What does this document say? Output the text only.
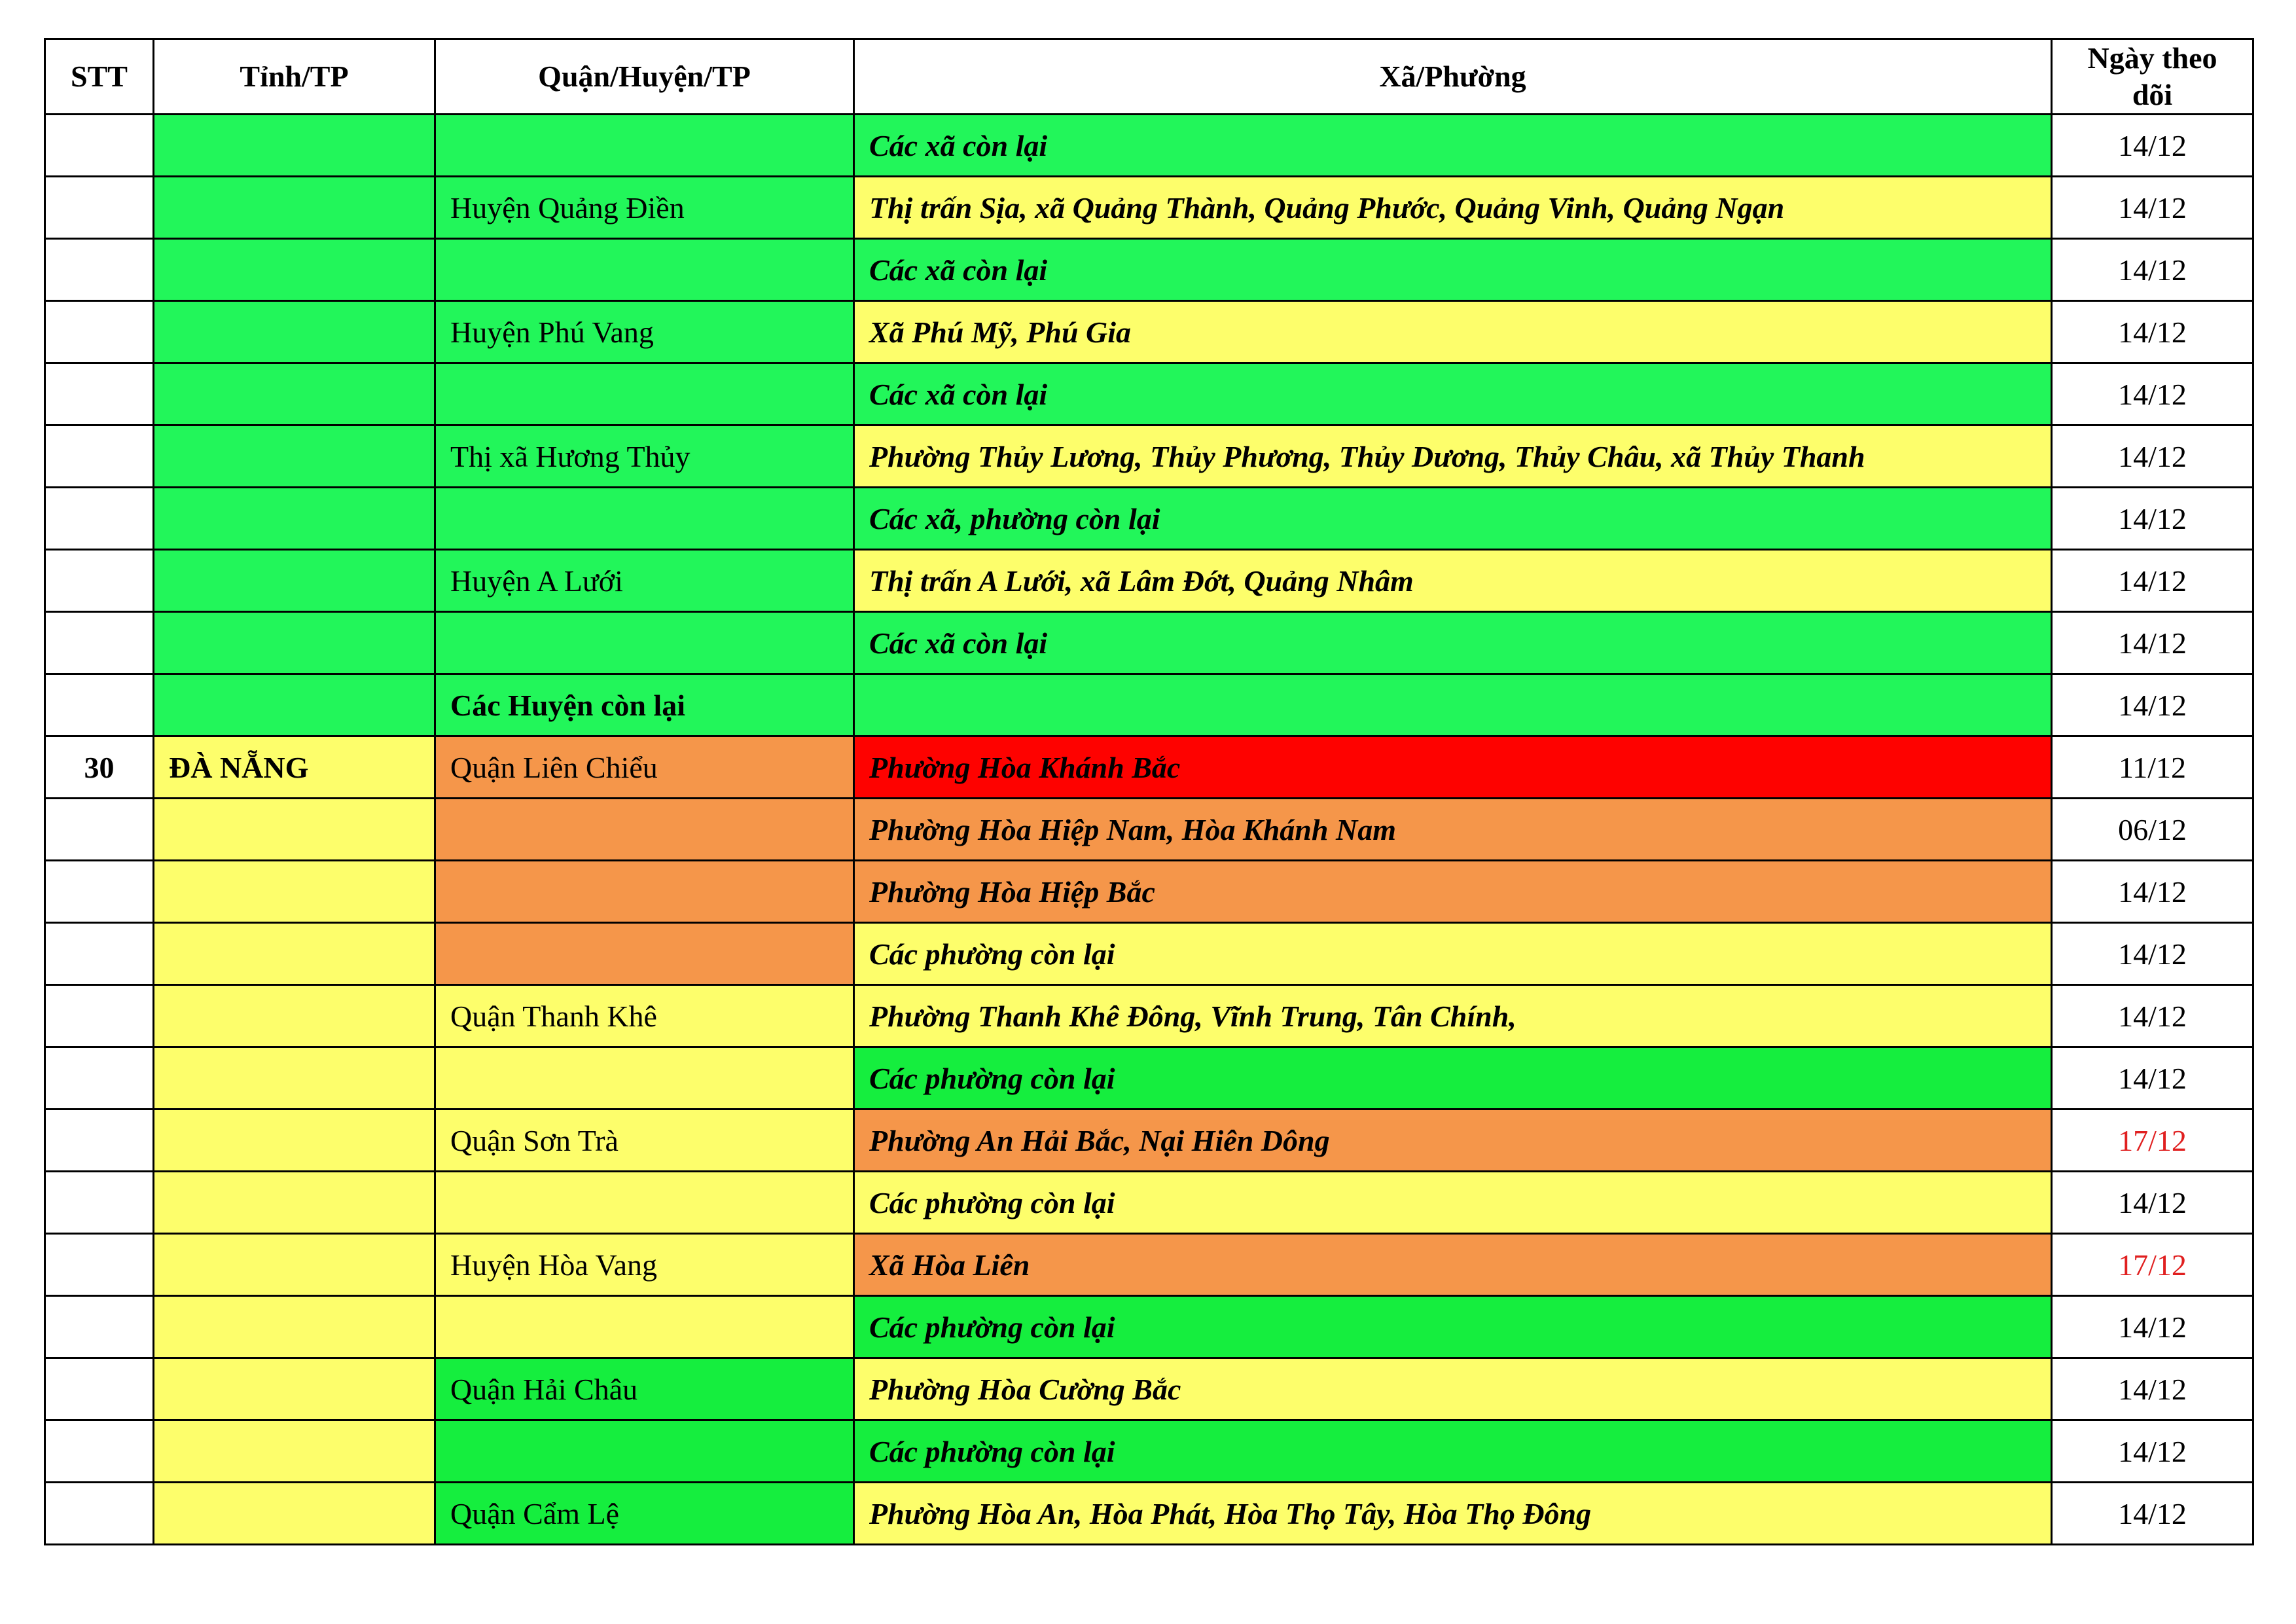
STT	Tỉnh/TP	Quận/Huyện/TP	Xã/Phường	Ngày theo dõi
			Các xã còn lại	14/12
		Huyện Quảng Điền	Thị trấn Sịa, xã Quảng Thành, Quảng Phước, Quảng Vinh, Quảng Ngạn	14/12
			Các xã còn lại	14/12
		Huyện Phú Vang	Xã Phú Mỹ, Phú Gia	14/12
			Các xã còn lại	14/12
		Thị xã Hương Thủy	Phường Thủy Lương, Thủy Phương, Thủy Dương, Thủy Châu, xã Thủy Thanh	14/12
			Các xã, phường còn lại	14/12
		Huyện A Lưới	Thị trấn A Lưới, xã Lâm Đớt, Quảng Nhâm	14/12
			Các xã còn lại	14/12
		Các Huyện còn lại		14/12
30	ĐÀ NẴNG	Quận Liên Chiểu	Phường Hòa Khánh Bắc	11/12
			Phường Hòa Hiệp Nam, Hòa Khánh Nam	06/12
			Phường Hòa Hiệp Bắc	14/12
			Các phường còn lại	14/12
		Quận Thanh Khê	Phường Thanh Khê Đông, Vĩnh Trung, Tân Chính,	14/12
			Các phường còn lại	14/12
		Quận Sơn Trà	Phường An Hải Bắc, Nại Hiên Dông	17/12
			Các phường còn lại	14/12
		Huyện Hòa Vang	Xã Hòa Liên	17/12
			Các phường còn lại	14/12
		Quận Hải Châu	Phường Hòa Cường Bắc	14/12
			Các phường còn lại	14/12
		Quận Cẩm Lệ	Phường Hòa An, Hòa Phát, Hòa Thọ Tây, Hòa Thọ Đông	14/12
